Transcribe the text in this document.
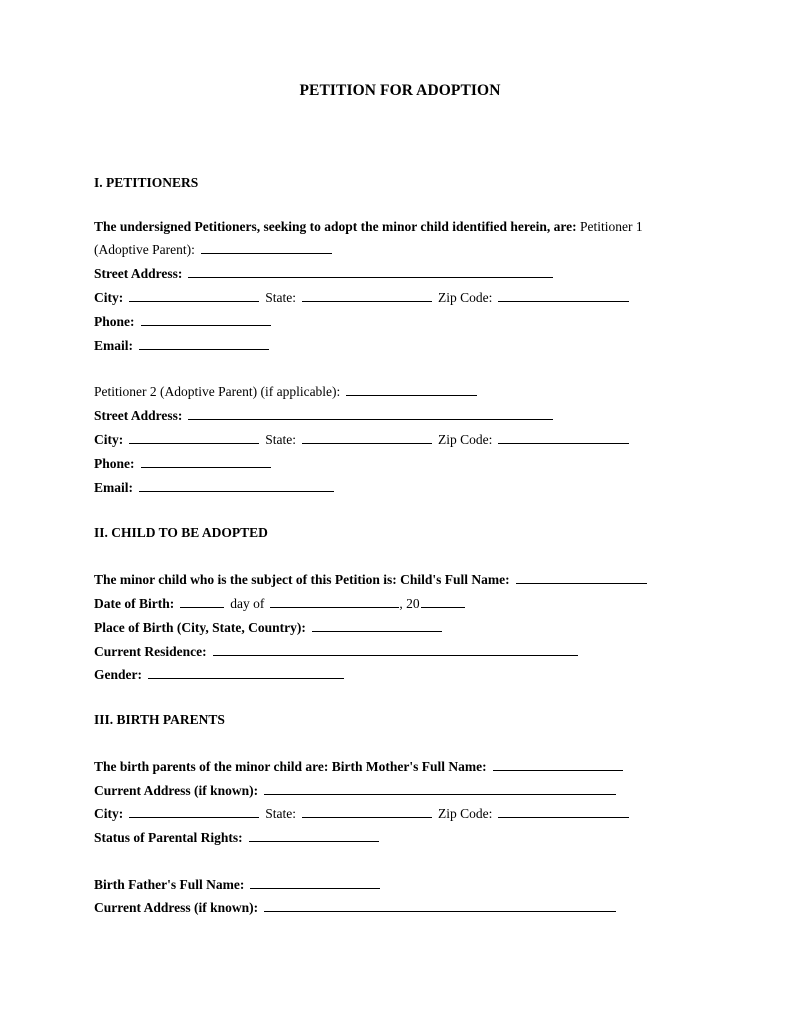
PETITION FOR ADOPTION
I. PETITIONERS
The undersigned Petitioners, seeking to adopt the minor child identified herein, are: Petitioner 1
(Adoptive Parent):
Street Address:
City:	State:	Zip Code:
Phone:
Email:
Petitioner 2 (Adoptive Parent) (if applicable):
Street Address:
City:	State:	Zip Code:
Phone:
Email:
II. CHILD TO BE ADOPTED
The minor child who is the subject of this Petition is: Child's Full Name:
Date of Birth:	day of	, 20
Place of Birth (City, State, Country):
Current Residence:
Gender:
III. BIRTH PARENTS
The birth parents of the minor child are: Birth Mother's Full Name:
Current Address (if known):
City:	State:	Zip Code:
Status of Parental Rights:
Birth Father's Full Name:
Current Address (if known):
